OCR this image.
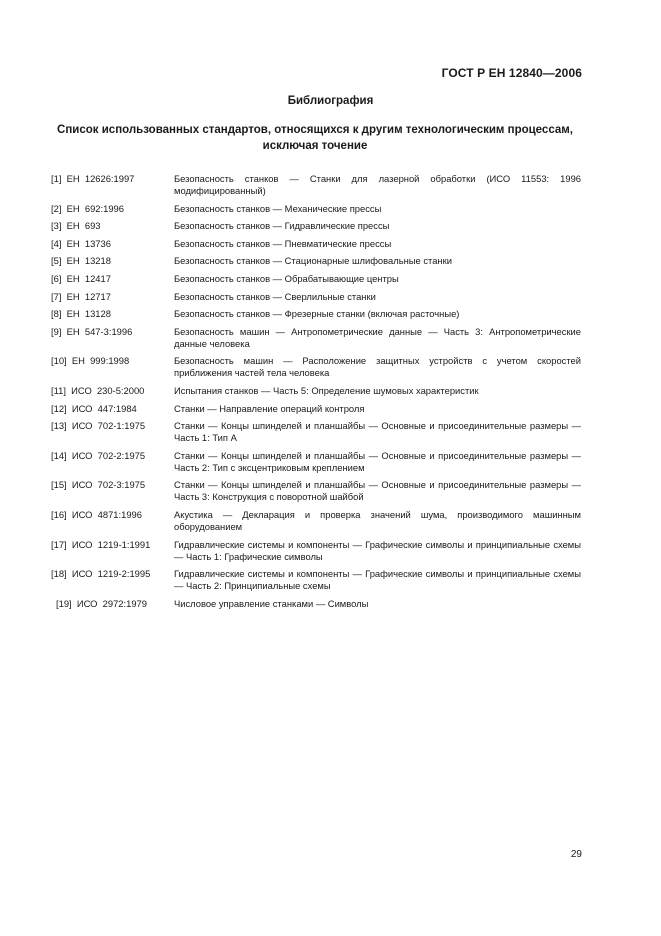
ГОСТ Р ЕН 12840—2006
Библиография
Список использованных стандартов, относящихся к другим технологическим процессам, исключая точение
[1]  ЕН  12626:1997	Безопасность станков — Станки для лазерной обработки (ИСО 11553: 1996 модифицированный)
[2]  ЕН  692:1996	Безопасность станков — Механические прессы
[3]  ЕН  693	Безопасность станков — Гидравлические прессы
[4]  ЕН  13736	Безопасность станков — Пневматические прессы
[5]  ЕН  13218	Безопасность станков — Стационарные шлифовальные станки
[6]  ЕН  12417	Безопасность станков — Обрабатывающие центры
[7]  ЕН  12717	Безопасность станков — Сверлильные станки
[8]  ЕН  13128	Безопасность станков — Фрезерные станки (включая расточные)
[9]  ЕН  547-3:1996	Безопасность машин — Антропометрические данные — Часть 3: Антропометрические данные человека
[10]  ЕН  999:1998	Безопасность машин — Расположение защитных устройств с учетом скоростей приближения частей тела человека
[11]  ИСО  230-5:2000	Испытания станков — Часть 5: Определение шумовых характеристик
[12]  ИСО  447:1984	Станки — Направление операций контроля
[13]  ИСО  702-1:1975	Станки — Концы шпинделей и планшайбы — Основные и присоединительные размеры — Часть 1: Тип А
[14]  ИСО  702-2:1975	Станки — Концы шпинделей и планшайбы — Основные и присоединительные размеры — Часть 2: Тип с эксцентриковым креплением
[15]  ИСО  702-3:1975	Станки — Концы шпинделей и планшайбы — Основные и присоединительные размеры — Часть 3: Конструкция с поворотной шайбой
[16]  ИСО  4871:1996	Акустика — Декларация и проверка значений шума, производимого машинным оборудованием
[17]  ИСО  1219-1:1991	Гидравлические системы и компоненты — Графические символы и принципиальные схемы — Часть 1: Графические символы
[18]  ИСО  1219-2:1995	Гидравлические системы и компоненты — Графические символы и принципиальные схемы — Часть 2: Принципиальные схемы
[19]  ИСО  2972:1979	Числовое управление станками — Символы
29
